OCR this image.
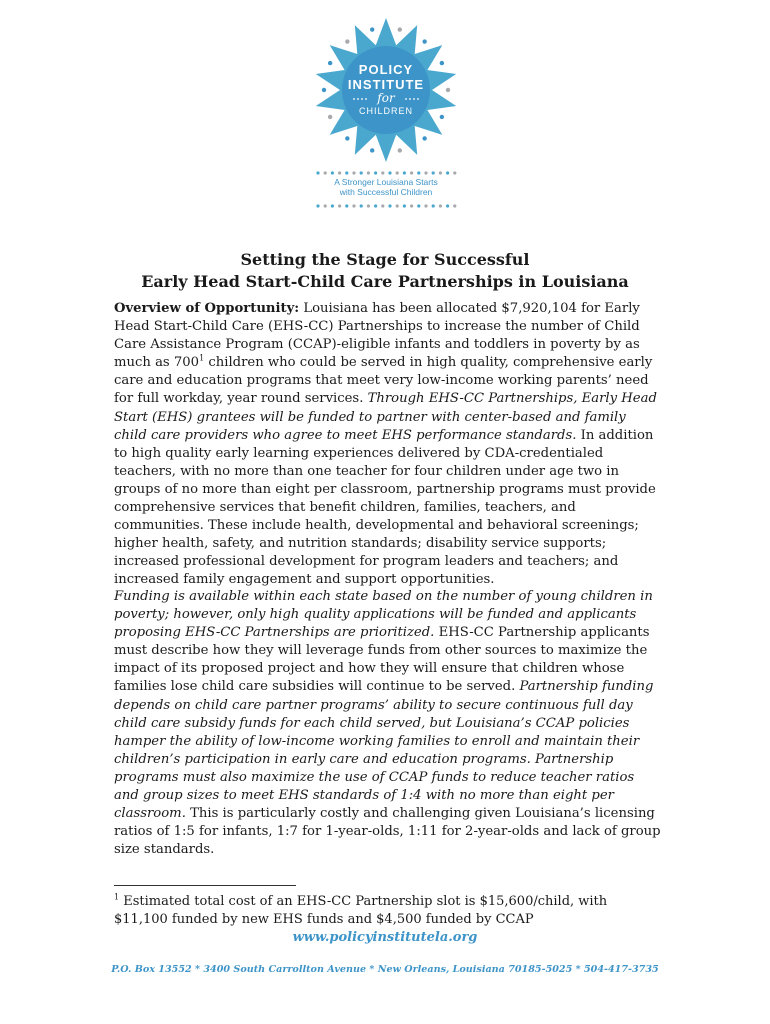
POLICY
INSTITUTE
for
CHILDREN
A Stronger Louisiana Starts
with Successful Children
Setting the Stage for Successful
Early Head Start-Child Care Partnerships in Louisiana

Overview of Opportunity: Louisiana has been allocated $7,920,104 for Early Head Start-Child Care (EHS-CC) Partnerships to increase the number of Child Care Assistance Program (CCAP)-eligible infants and toddlers in poverty by as much as $700^1$ children who could be served in high quality, comprehensive early care and education programs that meet very low-income working parents’ need for full workday, year round services. Through EHS-CC Partnerships, Early Head Start (EHS) grantees will be funded to partner with center-based and family child care providers who agree to meet EHS performance standards. In addition to high quality early learning experiences delivered by CDA-credentialed teachers, with no more than one teacher for four children under age two in groups of no more than eight per classroom, partnership programs must provide comprehensive services that benefit children, families, teachers, and communities. These include health, developmental and behavioral screenings; higher health, safety, and nutrition standards; disability service supports; increased professional development for program leaders and teachers; and increased family engagement and support opportunities.

Funding is available within each state based on the number of young children in poverty; however, only high quality applications will be funded and applicants proposing EHS-CC Partnerships are prioritized. EHS-CC Partnership applicants must describe how they will leverage funds from other sources to maximize the impact of its proposed project and how they will ensure that children whose families lose child care subsidies will continue to be served. Partnership funding depends on child care partner programs’ ability to secure continuous full day child care subsidy funds for each child served, but Louisiana’s CCAP policies hamper the ability of low-income working families to enroll and maintain their children’s participation in early care and education programs. Partnership programs must also maximize the use of CCAP funds to reduce teacher ratios and group sizes to meet EHS standards of 1:4 with no more than eight per classroom. This is particularly costly and challenging given Louisiana’s licensing ratios of 1:5 for infants, 1:7 for 1-year-olds, 1:11 for 2-year-olds and lack of group size standards.

$^1$ Estimated total cost of an EHS-CC Partnership slot is $15,600/child, with $11,100 funded by new EHS funds and $4,500 funded by CCAP

www.policyinstitutela.org
P.O. Box 13552 * 3400 South Carrollton Avenue * New Orleans, Louisiana 70185-5025 * 504-417-3735
